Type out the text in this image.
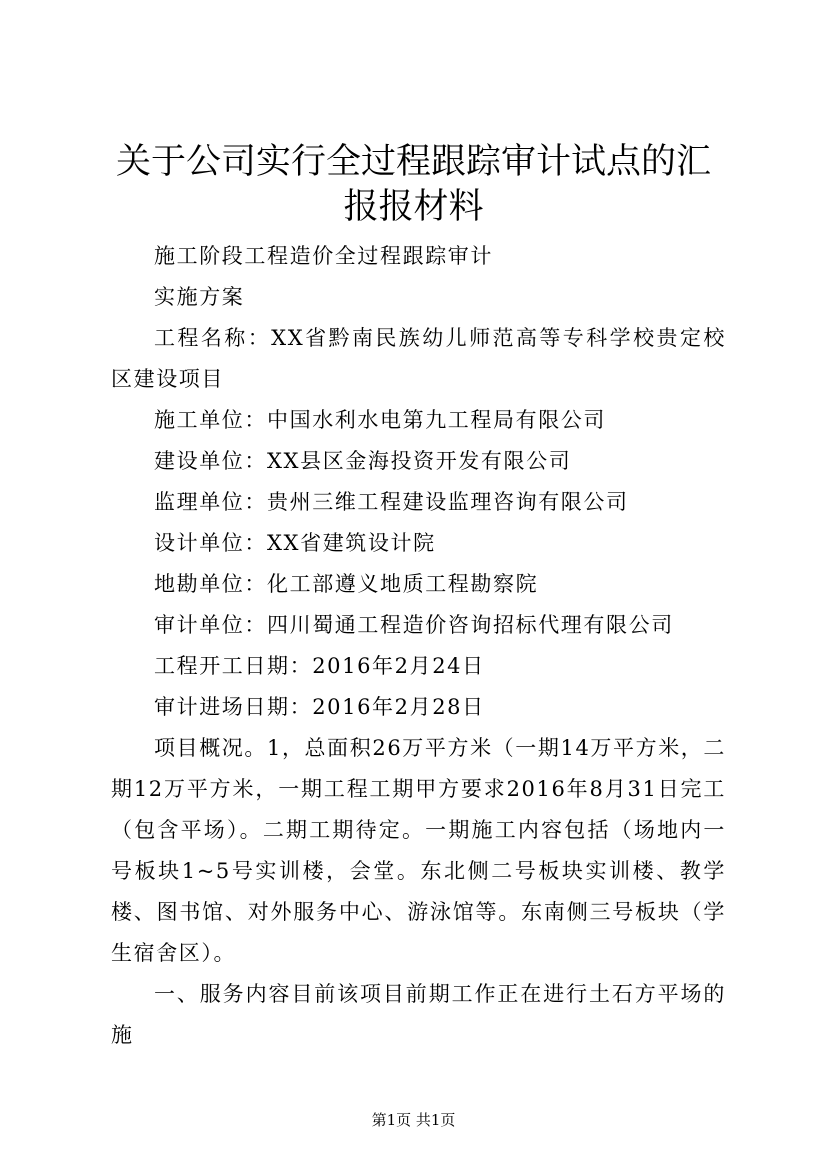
关于公司实行全过程跟踪审计试点的汇报报材料

施工阶段工程造价全过程跟踪审计

实施方案

工程名称：XX省黔南民族幼儿师范高等专科学校贵定校区建设项目

施工单位：中国水利水电第九工程局有限公司

建设单位：XX县区金海投资开发有限公司

监理单位：贵州三维工程建设监理咨询有限公司

设计单位：XX省建筑设计院

地勘单位：化工部遵义地质工程勘察院

审计单位：四川蜀通工程造价咨询招标代理有限公司

工程开工日期：2016年2月24日

审计进场日期：2016年2月28日

项目概况。1，总面积26万平方米（一期14万平方米，二期12万平方米，一期工程工期甲方要求2016年8月31日完工（包含平场）。二期工期待定。一期施工内容包括（场地内一号板块1~5号实训楼，会堂。东北侧二号板块实训楼、教学楼、图书馆、对外服务中心、游泳馆等。东南侧三号板块（学生宿舍区）。

一、服务内容目前该项目前期工作正在进行土石方平场的施

第1页 共1页
